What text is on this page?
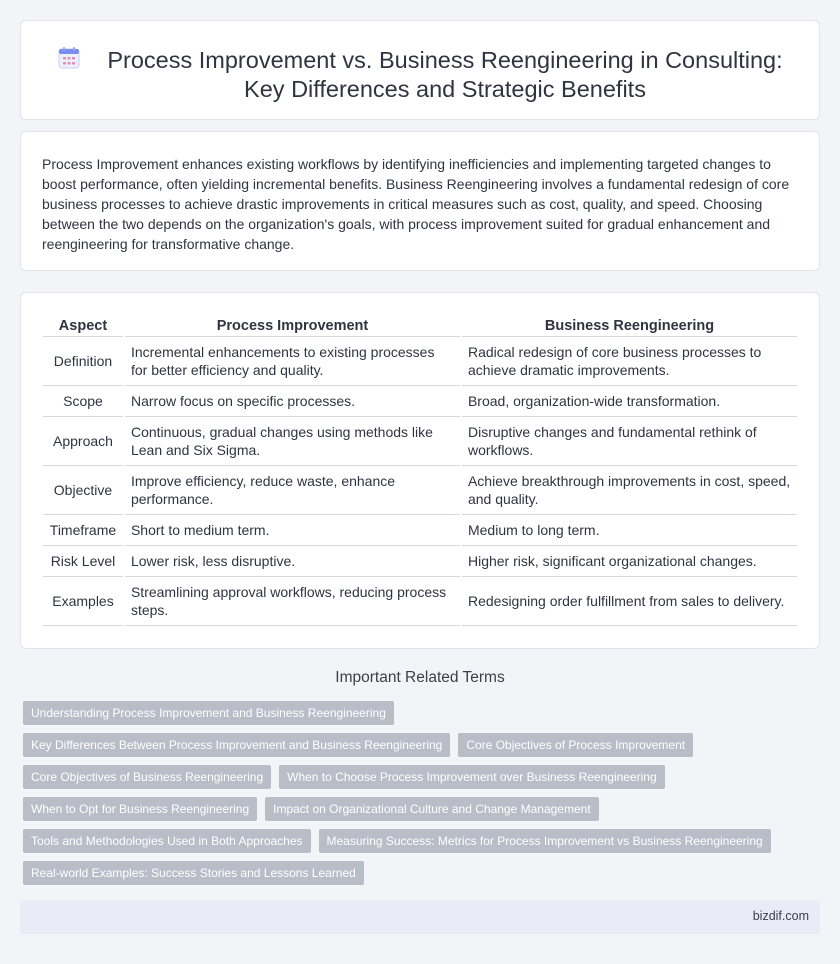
Process Improvement vs. Business Reengineering in Consulting: Key Differences and Strategic Benefits

Process Improvement enhances existing workflows by identifying inefficiencies and implementing targeted changes to boost performance, often yielding incremental benefits. Business Reengineering involves a fundamental redesign of core business processes to achieve drastic improvements in critical measures such as cost, quality, and speed. Choosing between the two depends on the organization's goals, with process improvement suited for gradual enhancement and reengineering for transformative change.

Aspect	Process Improvement	Business Reengineering
Definition	Incremental enhancements to existing processes for better efficiency and quality.	Radical redesign of core business processes to achieve dramatic improvements.
Scope	Narrow focus on specific processes.	Broad, organization-wide transformation.
Approach	Continuous, gradual changes using methods like Lean and Six Sigma.	Disruptive changes and fundamental rethink of workflows.
Objective	Improve efficiency, reduce waste, enhance performance.	Achieve breakthrough improvements in cost, speed, and quality.
Timeframe	Short to medium term.	Medium to long term.
Risk Level	Lower risk, less disruptive.	Higher risk, significant organizational changes.
Examples	Streamlining approval workflows, reducing process steps.	Redesigning order fulfillment from sales to delivery.
Important Related Terms
Understanding Process Improvement and Business Reengineering
Key Differences Between Process Improvement and Business Reengineering	Core Objectives of Process Improvement
Core Objectives of Business Reengineering	When to Choose Process Improvement over Business Reengineering
When to Opt for Business Reengineering	Impact on Organizational Culture and Change Management
Tools and Methodologies Used in Both Approaches	Measuring Success: Metrics for Process Improvement vs Business Reengineering
Real-world Examples: Success Stories and Lessons Learned
bizdif.com
